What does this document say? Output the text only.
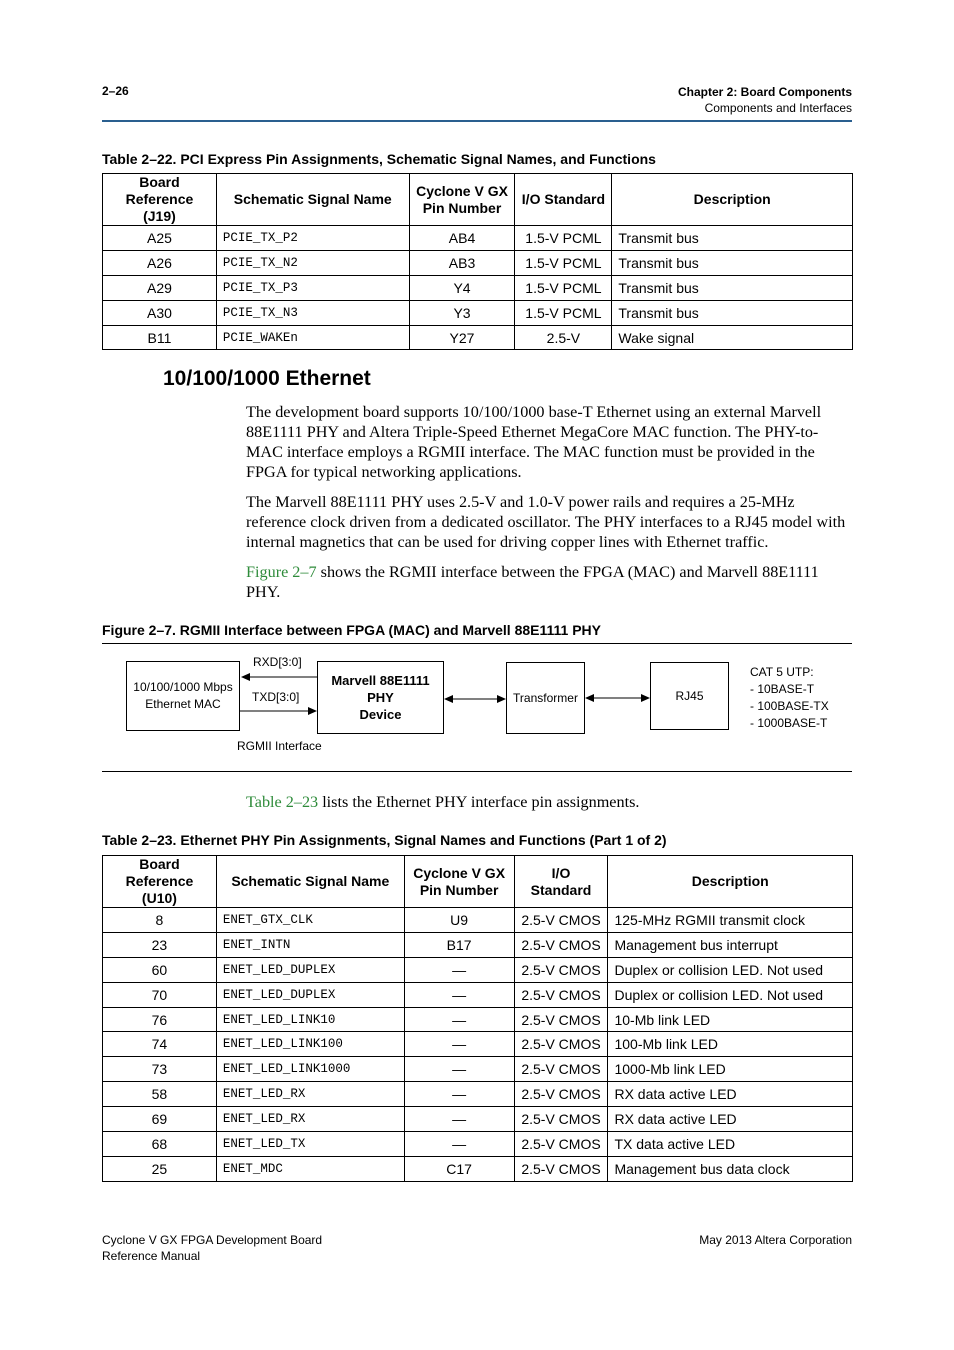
2–26	Chapter 2: Board Components
Components and Interfaces
Table 2–22. PCI Express Pin Assignments, Schematic Signal Names, and Functions
Board Reference (J19)	Schematic Signal Name	Cyclone V GX Pin Number	I/O Standard	Description
A25	PCIE_TX_P2	AB4	1.5-V PCML	Transmit bus
A26	PCIE_TX_N2	AB3	1.5-V PCML	Transmit bus
A29	PCIE_TX_P3	Y4	1.5-V PCML	Transmit bus
A30	PCIE_TX_N3	Y3	1.5-V PCML	Transmit bus
B11	PCIE_WAKEn	Y27	2.5-V	Wake signal
10/100/1000 Ethernet
The development board supports 10/100/1000 base-T Ethernet using an external Marvell 88E1111 PHY and Altera Triple-Speed Ethernet MegaCore MAC function. The PHY-to-MAC interface employs a RGMII interface. The MAC function must be provided in the FPGA for typical networking applications.
The Marvell 88E1111 PHY uses 2.5-V and 1.0-V power rails and requires a 25-MHz reference clock driven from a dedicated oscillator. The PHY interfaces to a RJ45 model with internal magnetics that can be used for driving copper lines with Ethernet traffic.
Figure 2–7 shows the RGMII interface between the FPGA (MAC) and Marvell 88E1111 PHY.
Figure 2–7. RGMII Interface between FPGA (MAC) and Marvell 88E1111 PHY
10/100/1000 Mbps
Ethernet MAC
RXD[3:0]
TXD[3:0]
RGMII Interface
Marvell 88E1111
PHY
Device
Transformer	RJ45
CAT 5 UTP:
- 10BASE-T
- 100BASE-TX
- 1000BASE-T
Table 2–23 lists the Ethernet PHY interface pin assignments.
Table 2–23. Ethernet PHY Pin Assignments, Signal Names and Functions (Part 1 of 2)
Board Reference (U10)	Schematic Signal Name	Cyclone V GX Pin Number	I/O Standard	Description
8	ENET_GTX_CLK	U9	2.5-V CMOS	125-MHz RGMII transmit clock
23	ENET_INTN	B17	2.5-V CMOS	Management bus interrupt
60	ENET_LED_DUPLEX	—	2.5-V CMOS	Duplex or collision LED. Not used
70	ENET_LED_DUPLEX	—	2.5-V CMOS	Duplex or collision LED. Not used
76	ENET_LED_LINK10	—	2.5-V CMOS	10-Mb link LED
74	ENET_LED_LINK100	—	2.5-V CMOS	100-Mb link LED
73	ENET_LED_LINK1000	—	2.5-V CMOS	1000-Mb link LED
58	ENET_LED_RX	—	2.5-V CMOS	RX data active LED
69	ENET_LED_RX	—	2.5-V CMOS	RX data active LED
68	ENET_LED_TX	—	2.5-V CMOS	TX data active LED
25	ENET_MDC	C17	2.5-V CMOS	Management bus data clock
Cyclone V GX FPGA Development Board
Reference Manual
May 2013 Altera Corporation
